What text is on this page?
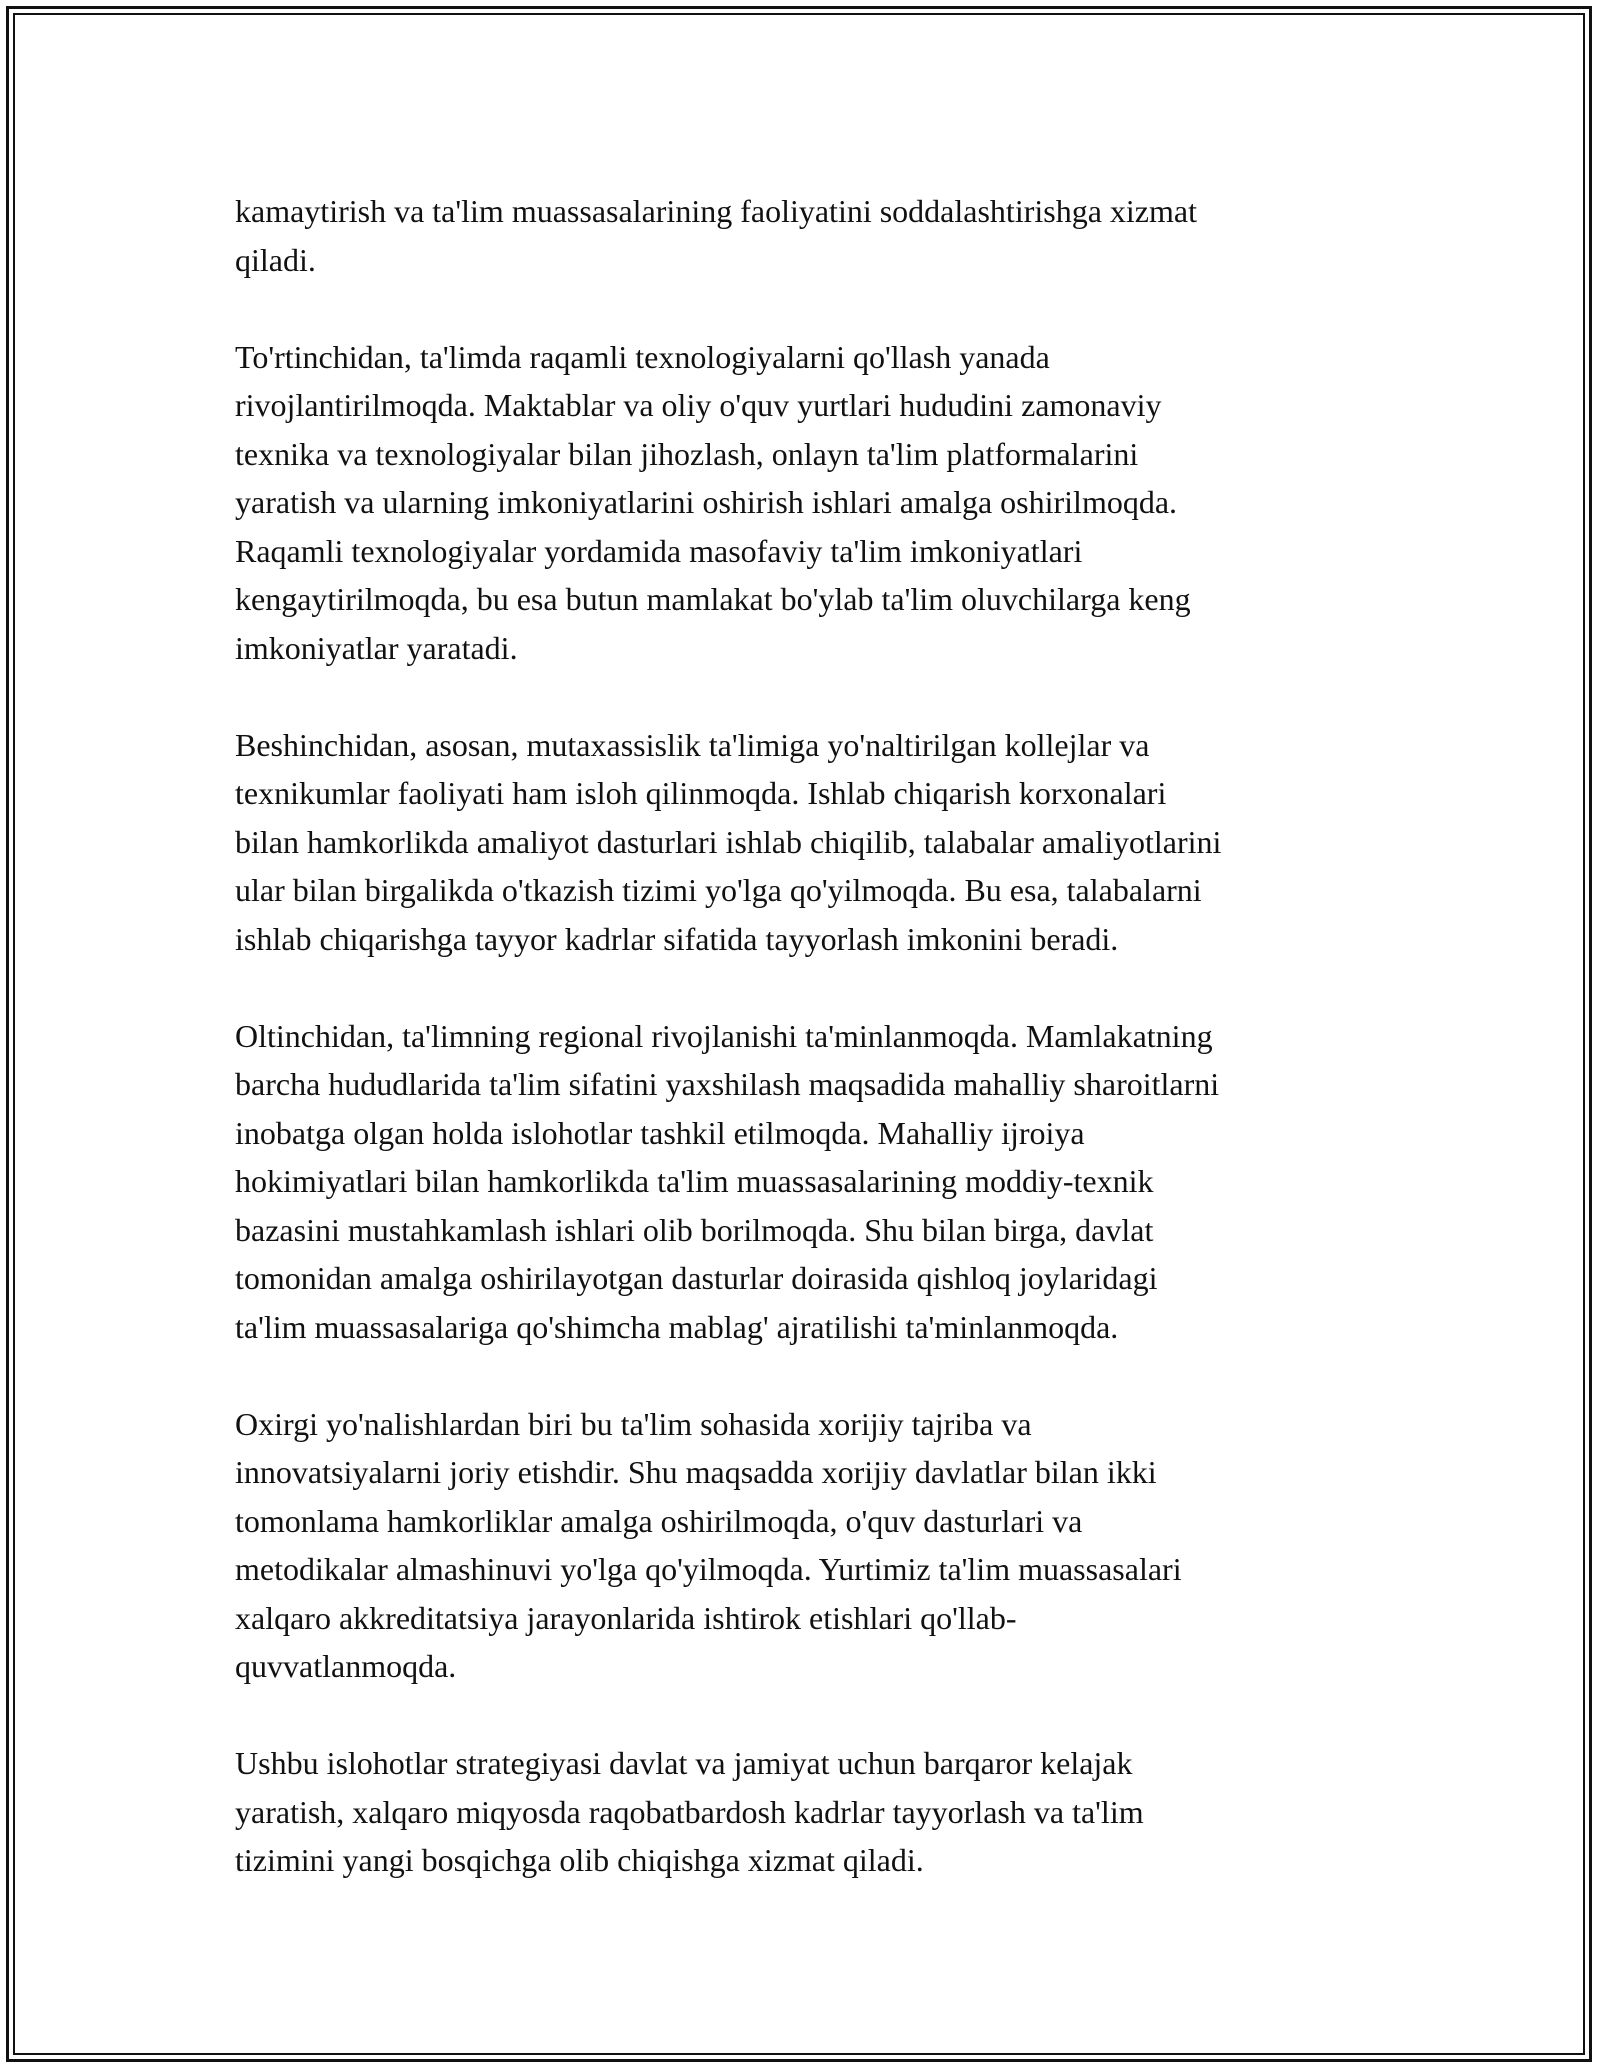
kamaytirish va ta'lim muassasalarining faoliyatini soddalashtirishga xizmat
qiladi.
To'rtinchidan, ta'limda raqamli texnologiyalarni qo'llash yanada
rivojlantirilmoqda. Maktablar va oliy o'quv yurtlari hududini zamonaviy
texnika va texnologiyalar bilan jihozlash, onlayn ta'lim platformalarini
yaratish va ularning imkoniyatlarini oshirish ishlari amalga oshirilmoqda.
Raqamli texnologiyalar yordamida masofaviy ta'lim imkoniyatlari
kengaytirilmoqda, bu esa butun mamlakat bo'ylab ta'lim oluvchilarga keng
imkoniyatlar yaratadi.
Beshinchidan, asosan, mutaxassislik ta'limiga yo'naltirilgan kollejlar va
texnikumlar faoliyati ham isloh qilinmoqda. Ishlab chiqarish korxonalari
bilan hamkorlikda amaliyot dasturlari ishlab chiqilib, talabalar amaliyotlarini
ular bilan birgalikda o'tkazish tizimi yo'lga qo'yilmoqda. Bu esa, talabalarni
ishlab chiqarishga tayyor kadrlar sifatida tayyorlash imkonini beradi.
Oltinchidan, ta'limning regional rivojlanishi ta'minlanmoqda. Mamlakatning
barcha hududlarida ta'lim sifatini yaxshilash maqsadida mahalliy sharoitlarni
inobatga olgan holda islohotlar tashkil etilmoqda. Mahalliy ijroiya
hokimiyatlari bilan hamkorlikda ta'lim muassasalarining moddiy-texnik
bazasini mustahkamlash ishlari olib borilmoqda. Shu bilan birga, davlat
tomonidan amalga oshirilayotgan dasturlar doirasida qishloq joylaridagi
ta'lim muassasalariga qo'shimcha mablag' ajratilishi ta'minlanmoqda.
Oxirgi yo'nalishlardan biri bu ta'lim sohasida xorijiy tajriba va
innovatsiyalarni joriy etishdir. Shu maqsadda xorijiy davlatlar bilan ikki
tomonlama hamkorliklar amalga oshirilmoqda, o'quv dasturlari va
metodikalar almashinuvi yo'lga qo'yilmoqda. Yurtimiz ta'lim muassasalari
xalqaro akkreditatsiya jarayonlarida ishtirok etishlari qo'llab-
quvvatlanmoqda.
Ushbu islohotlar strategiyasi davlat va jamiyat uchun barqaror kelajak
yaratish, xalqaro miqyosda raqobatbardosh kadrlar tayyorlash va ta'lim
tizimini yangi bosqichga olib chiqishga xizmat qiladi.
